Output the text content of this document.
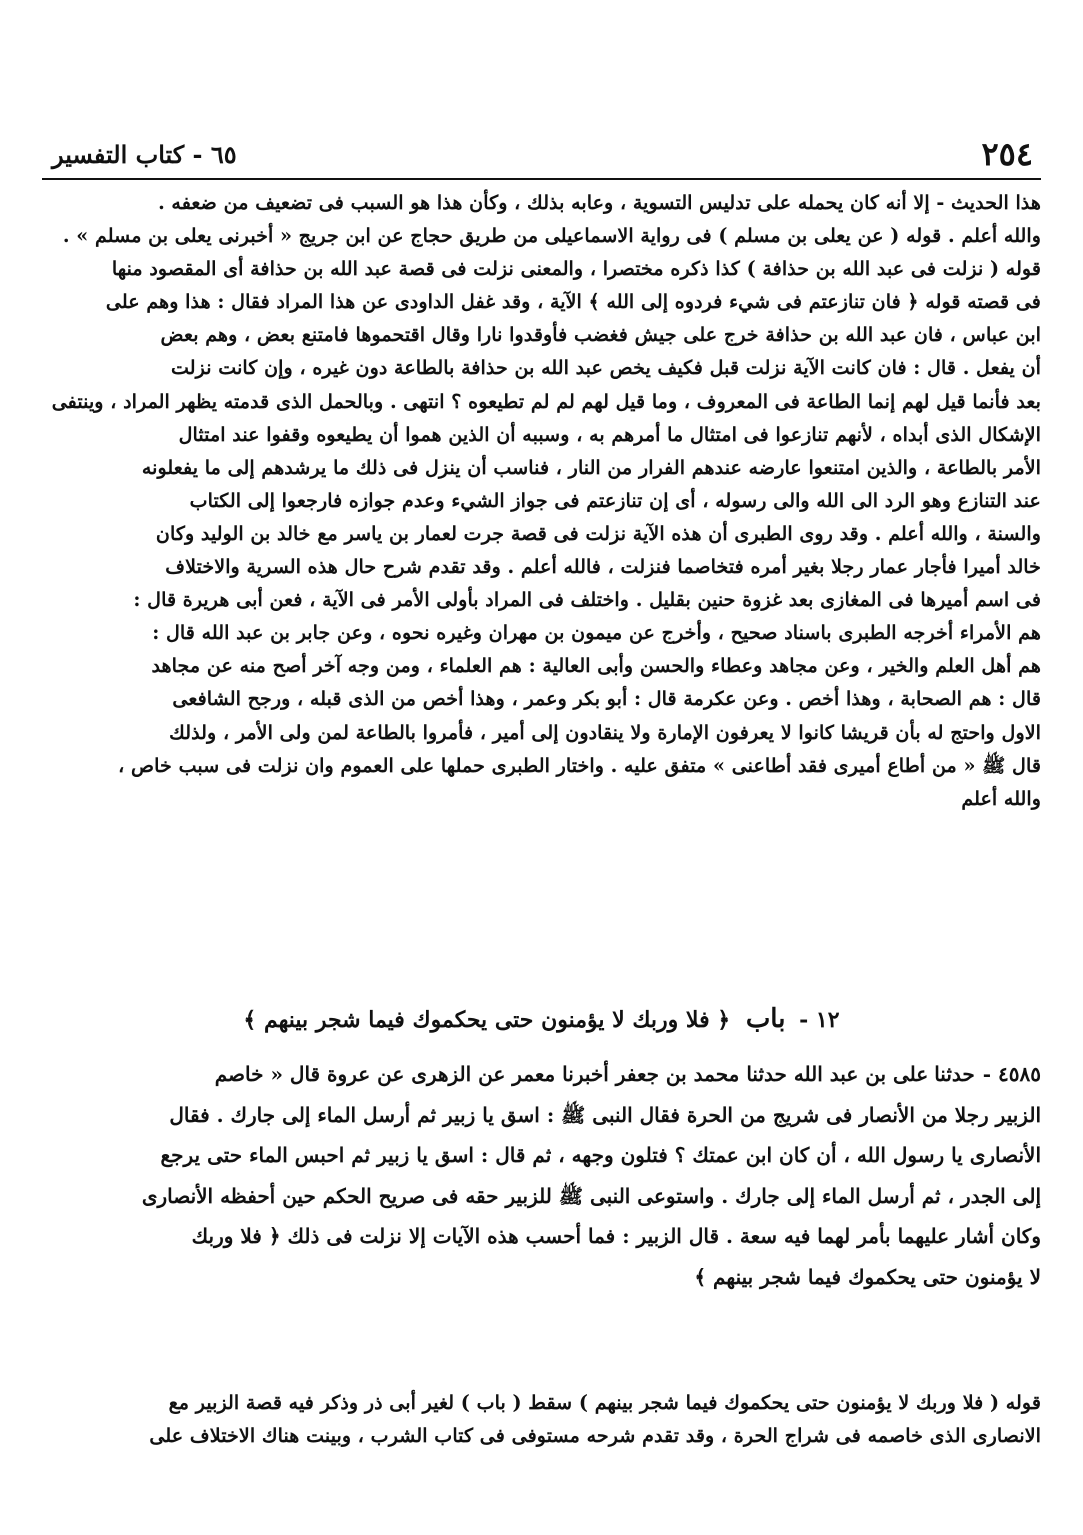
٦٥ - كتاب التفسير	٢٥٤

هذا الحديث - إلا أنه كان يحمله على تدليس التسوية ، وعابه بذلك ، وكأن هذا هو السبب فى تضعيف من ضعفه .

والله أعلم . قوله ( عن يعلى بن مسلم ) فى رواية الاسماعيلى من طريق حجاج عن ابن جريج « أخبرنى يعلى بن مسلم » .

قوله ( نزلت فى عبد الله بن حذافة ) كذا ذكره مختصرا ، والمعنى نزلت فى قصة عبد الله بن حذافة أى المقصود منها

فى قصته قوله ﴿ فان تنازعتم فى شيء فردوه إلى الله ﴾ الآية ، وقد غفل الداودى عن هذا المراد فقال : هذا وهم على

ابن عباس ، فان عبد الله بن حذافة خرج على جيش فغضب فأوقدوا نارا وقال اقتحموها فامتنع بعض ، وهم بعض

أن يفعل . قال : فان كانت الآية نزلت قبل فكيف يخص عبد الله بن حذافة بالطاعة دون غيره ، وإن كانت نزلت

بعد فأنما قيل لهم إنما الطاعة فى المعروف ، وما قيل لهم لم لم تطيعوه ؟ انتهى . وبالحمل الذى قدمته يظهر المراد ، وينتفى

الإشكال الذى أبداه ، لأنهم تنازعوا فى امتثال ما أمرهم به ، وسببه أن الذين هموا أن يطيعوه وقفوا عند امتثال

الأمر بالطاعة ، والذين امتنعوا عارضه عندهم الفرار من النار ، فناسب أن ينزل فى ذلك ما يرشدهم إلى ما يفعلونه

عند التنازع وهو الرد الى الله والى رسوله ، أى إن تنازعتم فى جواز الشيء وعدم جوازه فارجعوا إلى الكتاب

والسنة ، والله أعلم . وقد روى الطبرى أن هذه الآية نزلت فى قصة جرت لعمار بن ياسر مع خالد بن الوليد وكان

خالد أميرا فأجار عمار رجلا بغير أمره فتخاصما فنزلت ، فالله أعلم . وقد تقدم شرح حال هذه السرية والاختلاف

فى اسم أميرها فى المغازى بعد غزوة حنين بقليل . واختلف فى المراد بأولى الأمر فى الآية ، فعن أبى هريرة قال :

هم الأمراء أخرجه الطبرى باسناد صحيح ، وأخرج عن ميمون بن مهران وغيره نحوه ، وعن جابر بن عبد الله قال :

هم أهل العلم والخير ، وعن مجاهد وعطاء والحسن وأبى العالية : هم العلماء ، ومن وجه آخر أصح منه عن مجاهد

قال : هم الصحابة ، وهذا أخص . وعن عكرمة قال : أبو بكر وعمر ، وهذا أخص من الذى قبله ، ورجح الشافعى

الاول واحتج له بأن قريشا كانوا لا يعرفون الإمارة ولا ينقادون إلى أمير ، فأمروا بالطاعة لمن ولى الأمر ، ولذلك

قال ﷺ « من أطاع أميرى فقد أطاعنى » متفق عليه . واختار الطبرى حملها على العموم وان نزلت فى سبب خاص ،

والله أعلم

١٢ - باب ﴿ فلا وربك لا يؤمنون حتى يحكموك فيما شجر بينهم ﴾

٤٥٨٥ -حدثناعلى بن عبد الله حدثنا محمد بن جعفر أخبرنا معمر عن الزهرى عن عروة قال « خاصم

الزبير رجلا من الأنصار فى شريج من الحرة فقال النبى ﷺ : اسق يا زبير ثم أرسل الماء إلى جارك . فقال

الأنصارى يا رسول الله ، أن كان ابن عمتك ؟ فتلون وجهه ، ثم قال : اسق يا زبير ثم احبس الماء حتى يرجع

إلى الجدر ، ثم أرسل الماء إلى جارك . واستوعى النبى ﷺ للزبير حقه فى صريح الحكم حين أحفظه الأنصارى

وكان أشار عليهما بأمر لهما فيه سعة . قال الزبير : فما أحسب هذه الآيات إلا نزلت فى ذلك ﴿ فلا وربك

لا يؤمنون حتى يحكموك فيما شجر بينهم ﴾

قوله ( فلا وربك لا يؤمنون حتى يحكموك فيما شجر بينهم ) سقط ( باب ) لغير أبى ذر وذكر فيه قصة الزبير مع

الانصارى الذى خاصمه فى شراج الحرة ، وقد تقدم شرحه مستوفى فى كتاب الشرب ، وبينت هناك الاختلاف على
